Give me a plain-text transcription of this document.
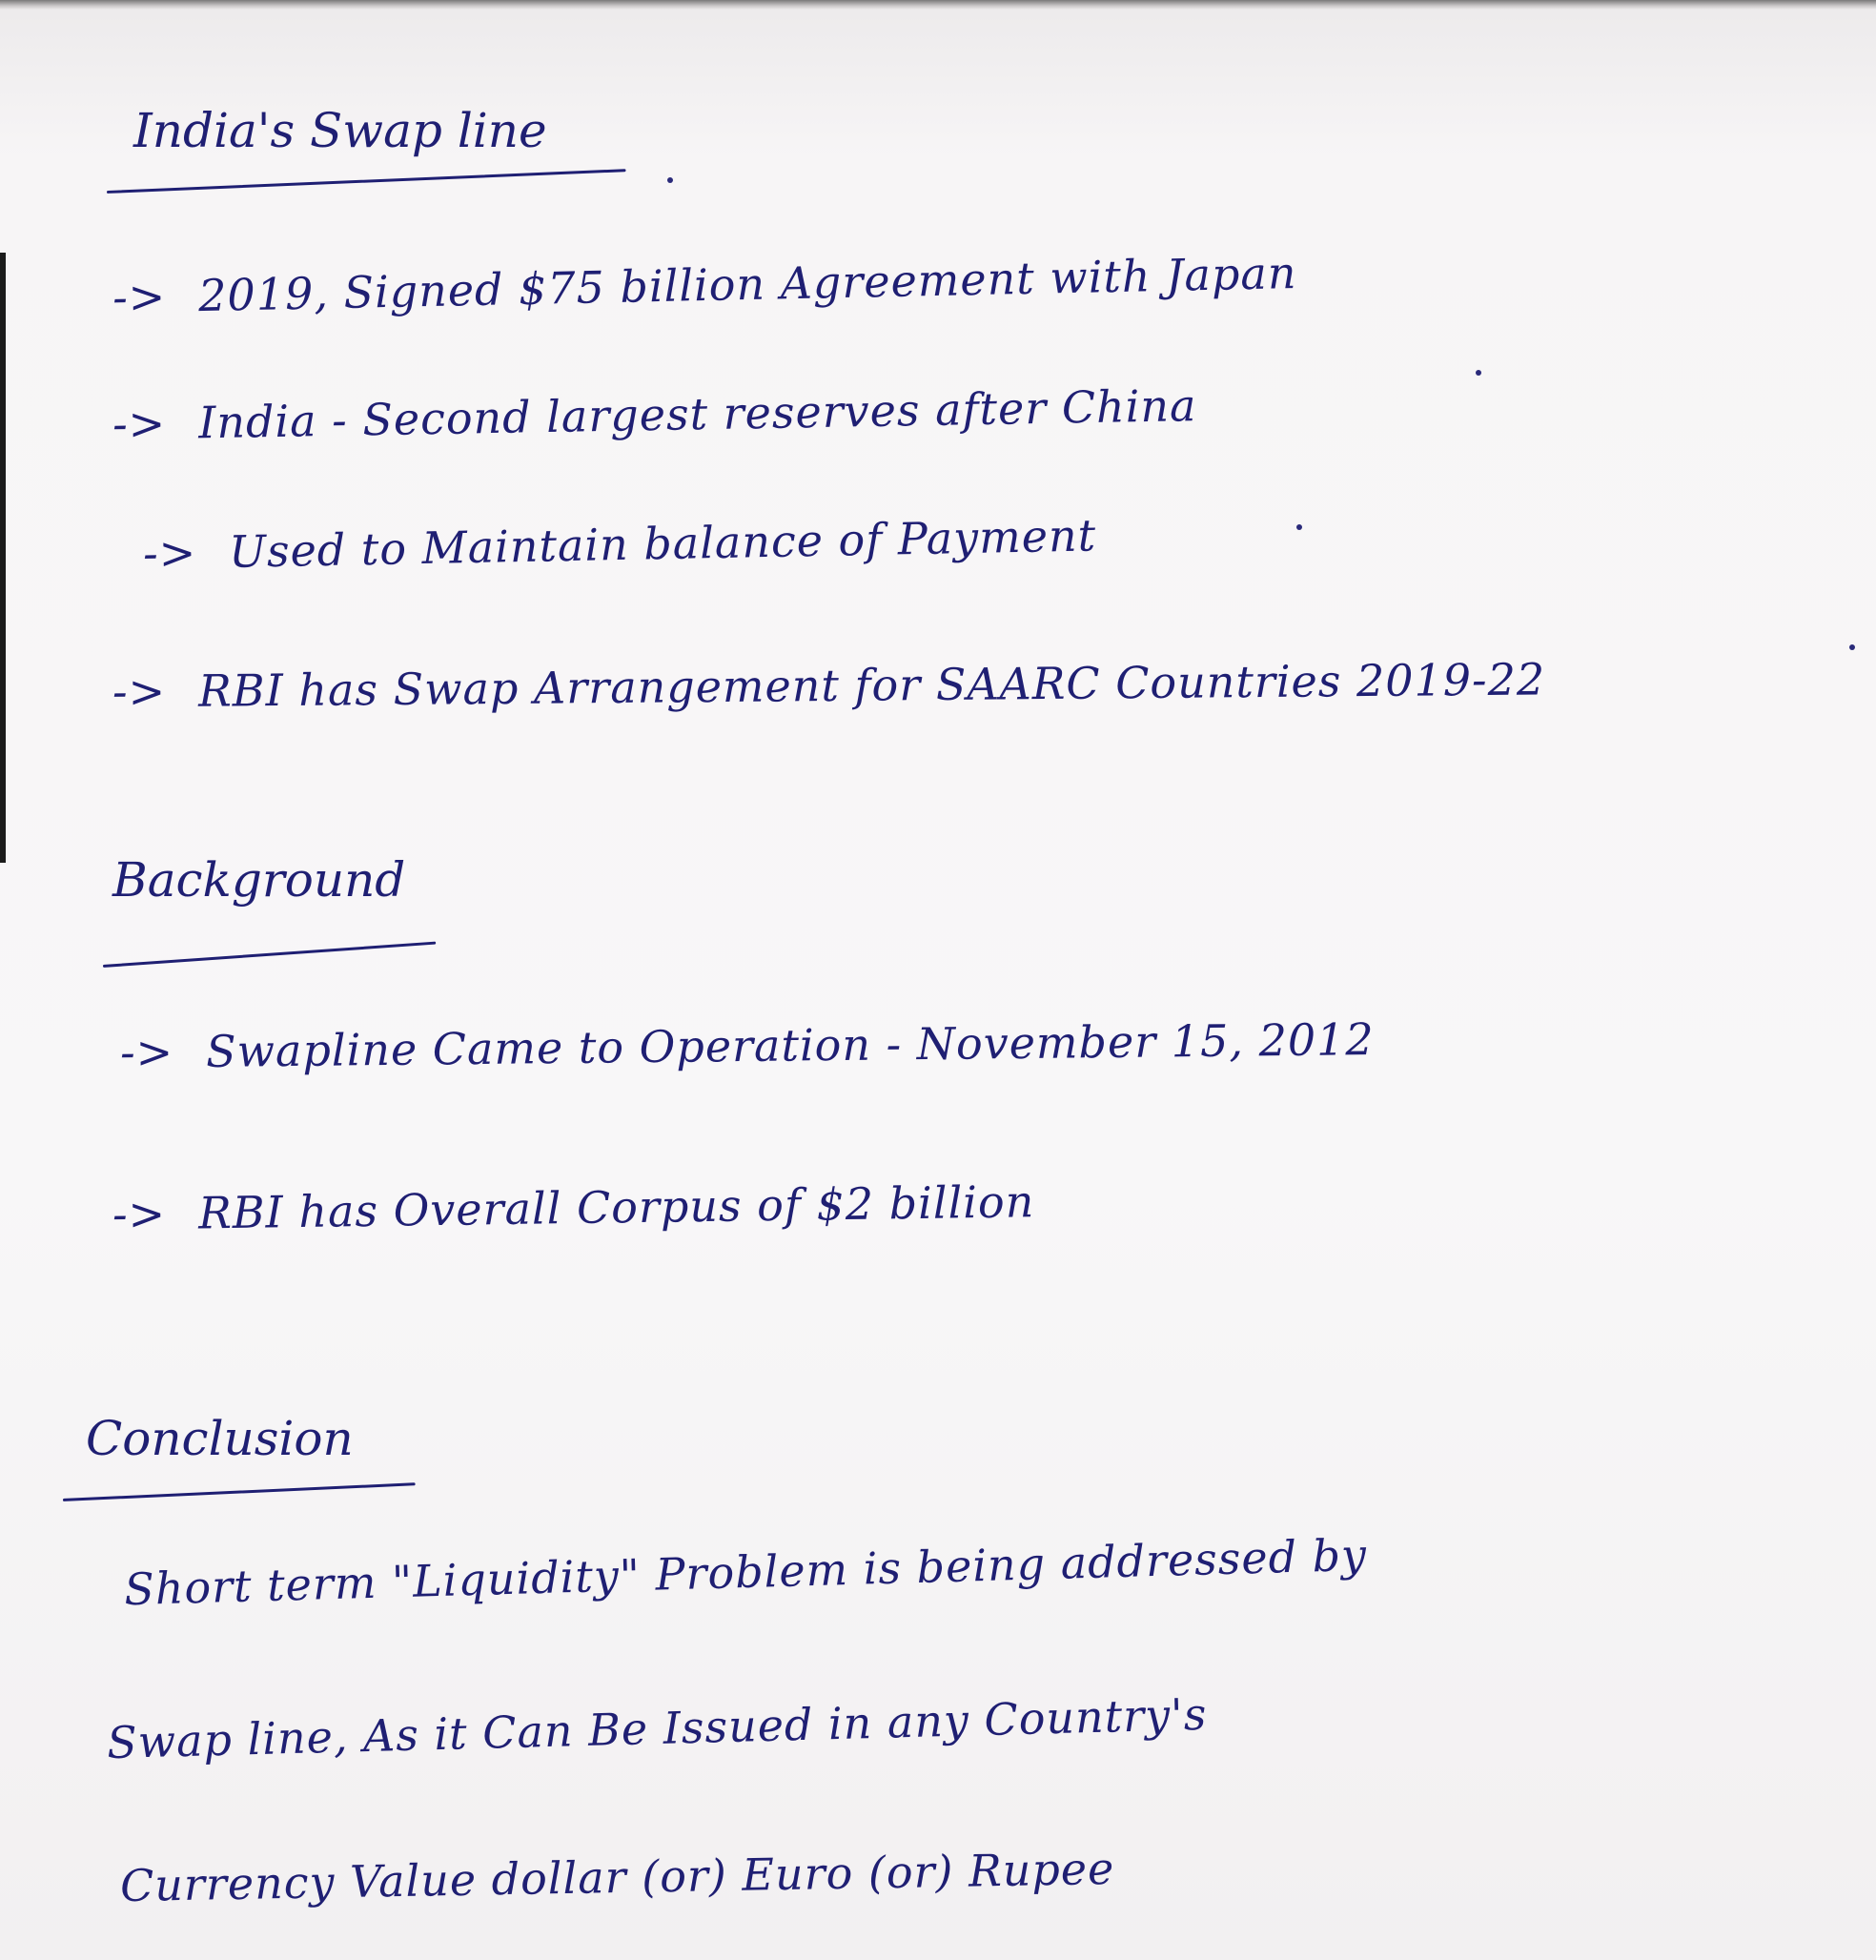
India's Swap line
-> 2019, Signed $75 billion Agreement with Japan
-> India - Second largest reserves after China
-> Used to Maintain balance of Payment
-> RBI has Swap Arrangement for SAARC Countries 2019-22
Background
-> Swapline Came to Operation - November 15, 2012
-> RBI has Overall Corpus of $2 billion
Conclusion
Short term "Liquidity" Problem is being addressed by
Swap line, As it Can Be Issued in any Country's
Currency Value dollar (or) Euro (or) Rupee
